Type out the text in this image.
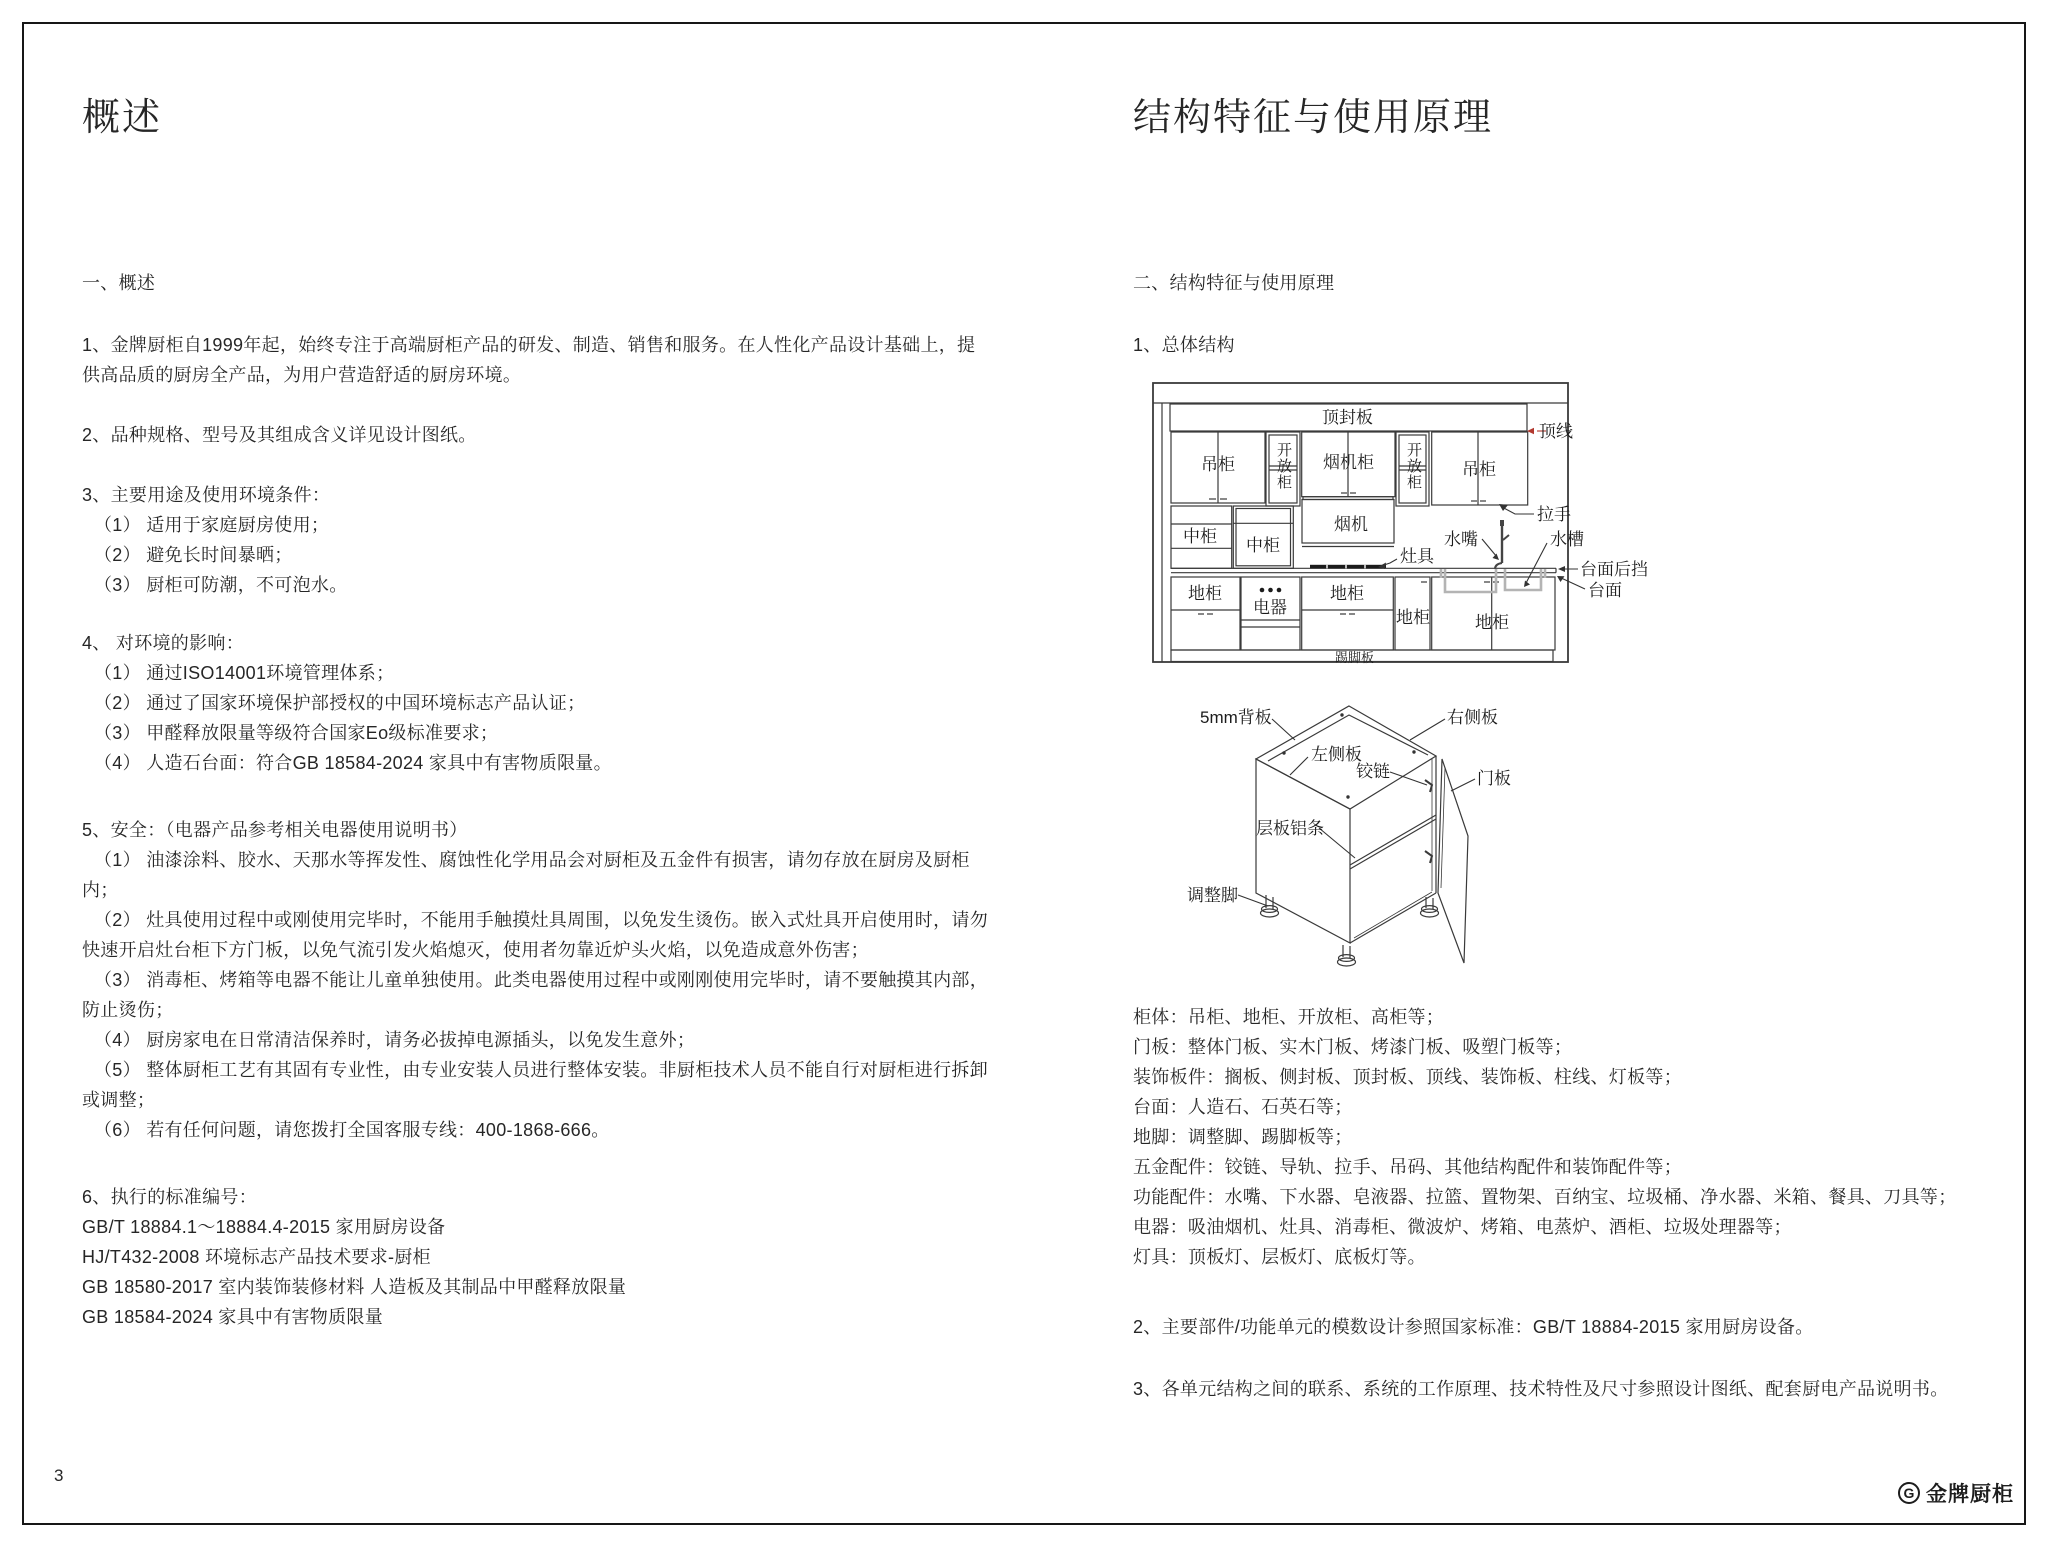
概述
一、概述
1、金牌厨柜自1999年起，始终专注于高端厨柜产品的研发、制造、销售和服务。在人性化产品设计基础上，提供高品质的厨房全产品，为用户营造舒适的厨房环境。
2、品种规格、型号及其组成含义详见设计图纸。
3、主要用途及使用环境条件：
（1） 适用于家庭厨房使用；
（2） 避免长时间暴晒；
（3） 厨柜可防潮，不可泡水。
4、 对环境的影响：
（1） 通过ISO14001环境管理体系；
（2） 通过了国家环境保护部授权的中国环境标志产品认证；
（3） 甲醛释放限量等级符合国家Eo级标准要求；
（4） 人造石台面：符合GB 18584-2024 家具中有害物质限量。
5、安全：（电器产品参考相关电器使用说明书）
（1） 油漆涂料、胶水、天那水等挥发性、腐蚀性化学用品会对厨柜及五金件有损害，请勿存放在厨房及厨柜内；
（2） 灶具使用过程中或刚使用完毕时，不能用手触摸灶具周围，以免发生烫伤。嵌入式灶具开启使用时，请勿快速开启灶台柜下方门板，以免气流引发火焰熄灭，使用者勿靠近炉头火焰，以免造成意外伤害；
（3） 消毒柜、烤箱等电器不能让儿童单独使用。此类电器使用过程中或刚刚使用完毕时，请不要触摸其内部，防止烫伤；
（4） 厨房家电在日常清洁保养时，请务必拔掉电源插头，以免发生意外；
（5） 整体厨柜工艺有其固有专业性，由专业安装人员进行整体安装。非厨柜技术人员不能自行对厨柜进行拆卸或调整；
（6） 若有任何问题，请您拨打全国客服专线：400-1868-666。
6、执行的标准编号：
GB/T 18884.1～18884.4-2015 家用厨房设备
HJ/T432-2008 环境标志产品技术要求-厨柜
GB 18580-2017 室内装饰装修材料 人造板及其制品中甲醛释放限量
GB 18584-2024 家具中有害物质限量
结构特征与使用原理
二、结构特征与使用原理
1、总体结构
顶封板
顶线
吊柜	开放柜 烟机柜 开放柜 吊柜
烟机
中柜 中柜
拉手
灶具
水嘴	水槽
台面后挡
台面
地柜
电器
地柜
地柜	地柜
踢脚板
5mm背板	右侧板
左侧板
铰链	门板
层板铝条
调整脚
柜体：吊柜、地柜、开放柜、高柜等；
门板：整体门板、实木门板、烤漆门板、吸塑门板等；
装饰板件：搁板、侧封板、顶封板、顶线、装饰板、柱线、灯板等；
台面：人造石、石英石等；
地脚：调整脚、踢脚板等；
五金配件：铰链、导轨、拉手、吊码、其他结构配件和装饰配件等；
功能配件：水嘴、下水器、皂液器、拉篮、置物架、百纳宝、垃圾桶、净水器、米箱、餐具、刀具等；
电器：吸油烟机、灶具、消毒柜、微波炉、烤箱、电蒸炉、酒柜、垃圾处理器等；
灯具：顶板灯、层板灯、底板灯等。
2、主要部件/功能单元的模数设计参照国家标准：GB/T 18884-2015 家用厨房设备。
3、各单元结构之间的联系、系统的工作原理、技术特性及尺寸参照设计图纸、配套厨电产品说明书。
3
G 金牌厨柜
